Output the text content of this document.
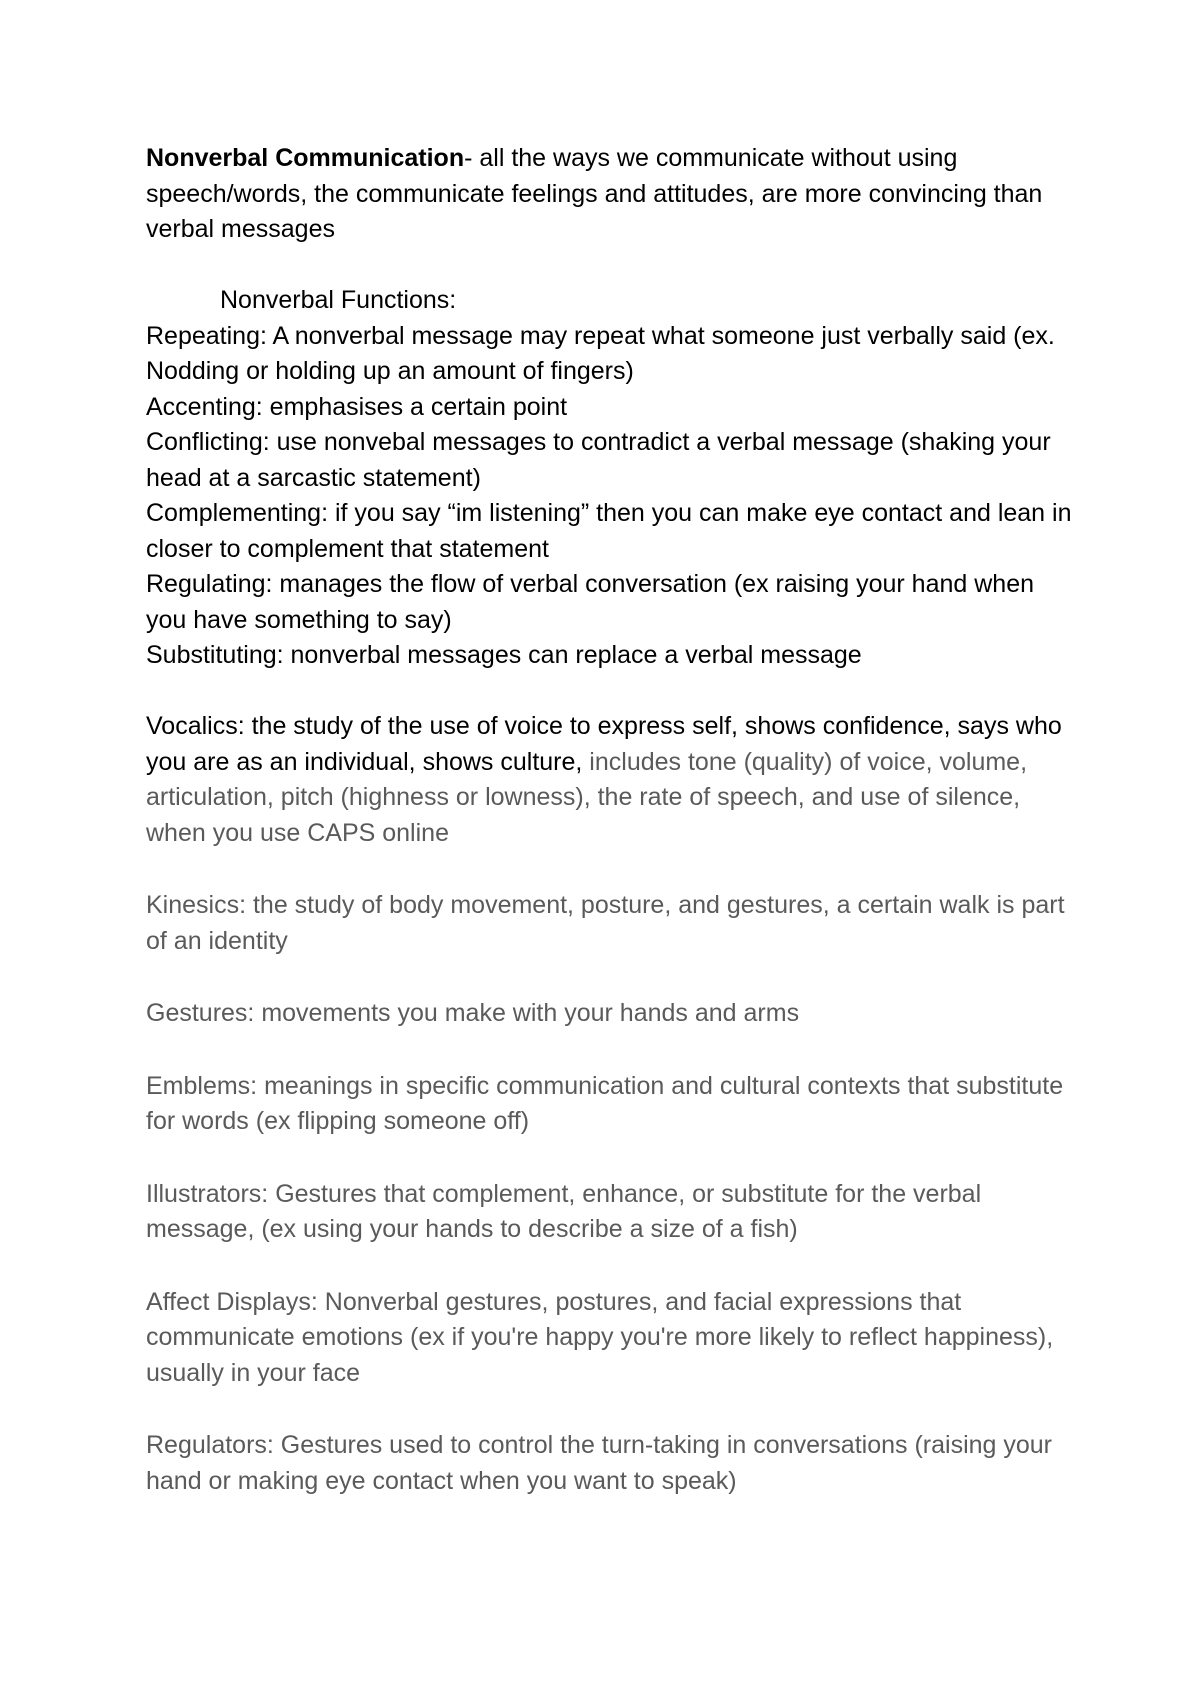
Nonverbal Communication- all the ways we communicate without using speech/words, the communicate feelings and attitudes, are more convincing than verbal messages

Nonverbal Functions:

Repeating: A nonverbal message may repeat what someone just verbally said (ex. Nodding or holding up an amount of fingers)

Accenting: emphasises a certain point

Conflicting: use nonvebal messages to contradict a verbal message (shaking your head at a sarcastic statement)

Complementing: if you say “im listening” then you can make eye contact and lean in closer to complement that statement

Regulating: manages the flow of verbal conversation (ex raising your hand when you have something to say)

Substituting: nonverbal messages can replace a verbal message

Vocalics: the study of the use of voice to express self, shows confidence, says who you are as an individual, shows culture, includes tone (quality) of voice, volume, articulation, pitch (highness or lowness), the rate of speech, and use of silence, when you use CAPS online

Kinesics: the study of body movement, posture, and gestures, a certain walk is part of an identity

Gestures: movements you make with your hands and arms

Emblems: meanings in specific communication and cultural contexts that substitute for words (ex flipping someone off)

Illustrators: Gestures that complement, enhance, or substitute for the verbal message, (ex using your hands to describe a size of a fish)

Affect Displays: Nonverbal gestures, postures, and facial expressions that communicate emotions (ex if you're happy you're more likely to reflect happiness), usually in your face

Regulators: Gestures used to control the turn-taking in conversations (raising your hand or making eye contact when you want to speak)
